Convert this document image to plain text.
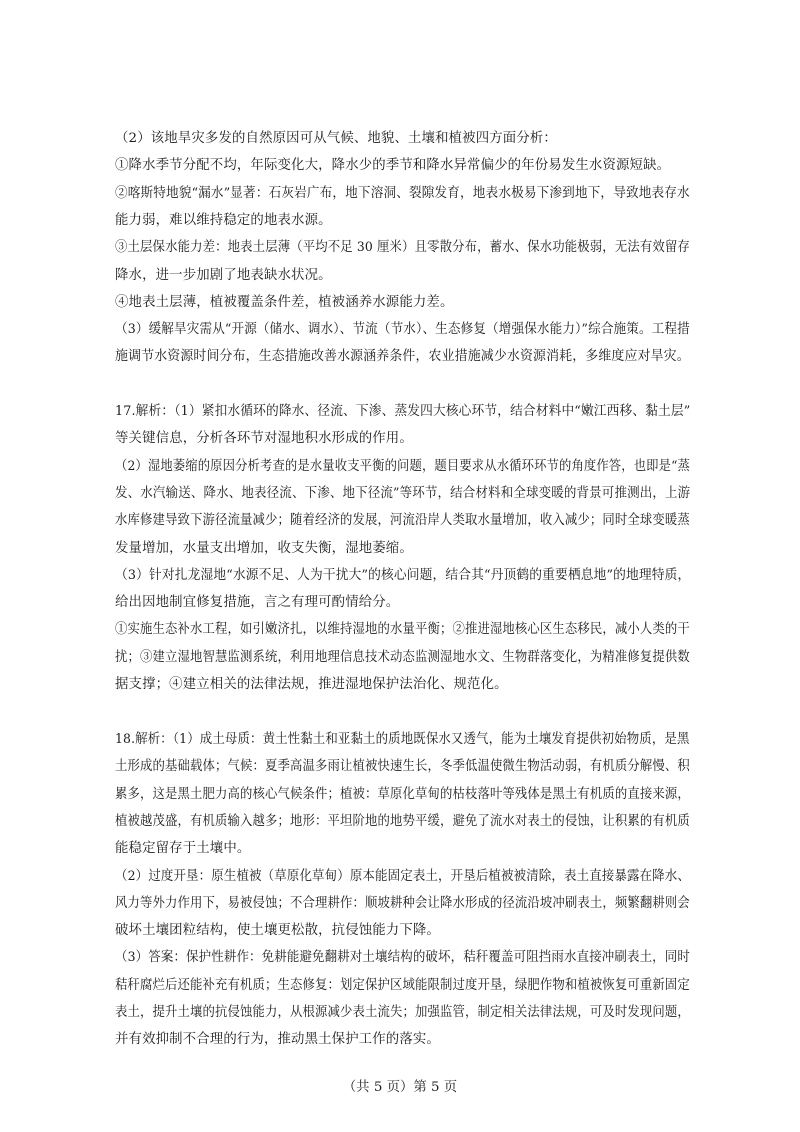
（2）该地旱灾多发的自然原因可从气候、地貌、土壤和植被四方面分析：
①降水季节分配不均，年际变化大，降水少的季节和降水异常偏少的年份易发生水资源短缺。
②喀斯特地貌“漏水”显著：石灰岩广布，地下溶洞、裂隙发育，地表水极易下渗到地下，导致地表存水
能力弱，难以维持稳定的地表水源。
③土层保水能力差：地表土层薄（平均不足 30 厘米）且零散分布，蓄水、保水功能极弱，无法有效留存
降水，进一步加剧了地表缺水状况。
④地表土层薄，植被覆盖条件差，植被涵养水源能力差。
（3）缓解旱灾需从“开源（储水、调水）、节流（节水）、生态修复（增强保水能力）”综合施策。工程措
施调节水资源时间分布，生态措施改善水源涵养条件，农业措施减少水资源消耗，多维度应对旱灾。
17.解析：（1）紧扣水循环的降水、径流、下渗、蒸发四大核心环节，结合材料中“嫩江西移、黏土层”
等关键信息，分析各环节对湿地积水形成的作用。
（2）湿地萎缩的原因分析考查的是水量收支平衡的问题，题目要求从水循环环节的角度作答，也即是“蒸
发、水汽输送、降水、地表径流、下渗、地下径流”等环节，结合材料和全球变暖的背景可推测出，上游
水库修建导致下游径流量减少；随着经济的发展，河流沿岸人类取水量增加，收入减少；同时全球变暖蒸
发量增加，水量支出增加，收支失衡，湿地萎缩。
（3）针对扎龙湿地“水源不足、人为干扰大”的核心问题，结合其“丹顶鹤的重要栖息地”的地理特质，
给出因地制宜修复措施，言之有理可酌情给分。
①实施生态补水工程，如引嫩济扎，以维持湿地的水量平衡；②推进湿地核心区生态移民，减小人类的干
扰；③建立湿地智慧监测系统，利用地理信息技术动态监测湿地水文、生物群落变化，为精准修复提供数
据支撑；④建立相关的法律法规，推进湿地保护法治化、规范化。
18.解析：（1）成土母质：黄土性黏土和亚黏土的质地既保水又透气，能为土壤发育提供初始物质，是黑
土形成的基础载体；气候：夏季高温多雨让植被快速生长，冬季低温使微生物活动弱，有机质分解慢、积
累多，这是黑土肥力高的核心气候条件；植被：草原化草甸的枯枝落叶等残体是黑土有机质的直接来源，
植被越茂盛，有机质输入越多；地形：平坦阶地的地势平缓，避免了流水对表土的侵蚀，让积累的有机质
能稳定留存于土壤中。
（2）过度开垦：原生植被（草原化草甸）原本能固定表土，开垦后植被被清除，表土直接暴露在降水、
风力等外力作用下，易被侵蚀；不合理耕作：顺坡耕种会让降水形成的径流沿坡冲刷表土，频繁翻耕则会
破坏土壤团粒结构，使土壤更松散，抗侵蚀能力下降。
（3）答案：保护性耕作：免耕能避免翻耕对土壤结构的破坏，秸秆覆盖可阻挡雨水直接冲刷表土，同时
秸秆腐烂后还能补充有机质；生态修复：划定保护区域能限制过度开垦，绿肥作物和植被恢复可重新固定
表土，提升土壤的抗侵蚀能力，从根源减少表土流失；加强监管，制定相关法律法规，可及时发现问题，
并有效抑制不合理的行为，推动黑土保护工作的落实。
（共 5 页）第 5 页
